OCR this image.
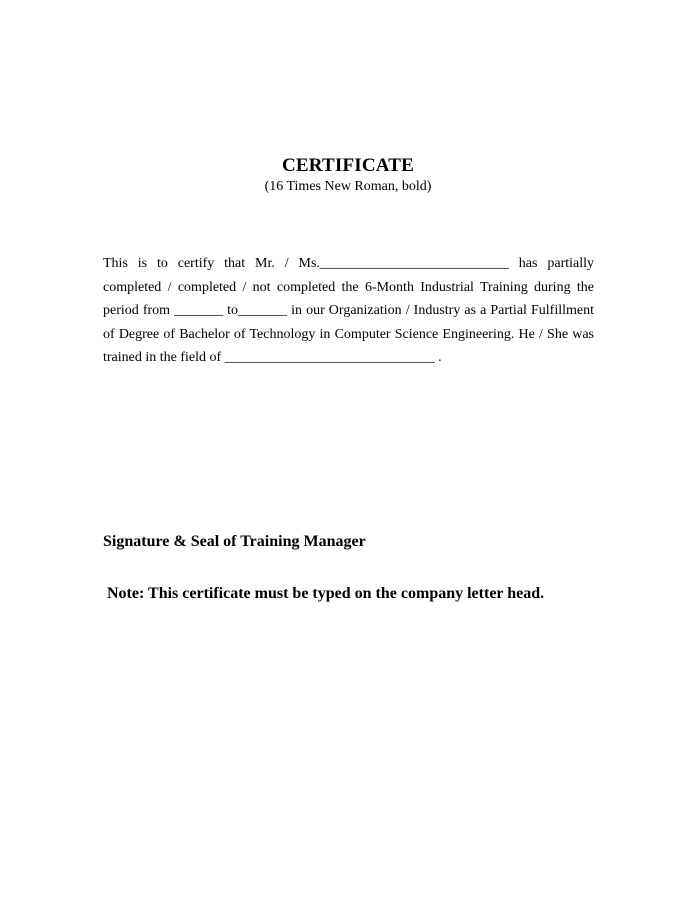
CERTIFICATE
(16 Times New Roman, bold)
This is to certify that Mr. / Ms.___________________________ has partially completed / completed / not completed the 6-Month Industrial Training during the period from _______ to_______ in our Organization / Industry as a Partial Fulfillment of Degree of Bachelor of Technology in Computer Science Engineering. He / She was trained in the field of ______________________________ .
Signature & Seal of Training Manager
Note: This certificate must be typed on the company letter head.
